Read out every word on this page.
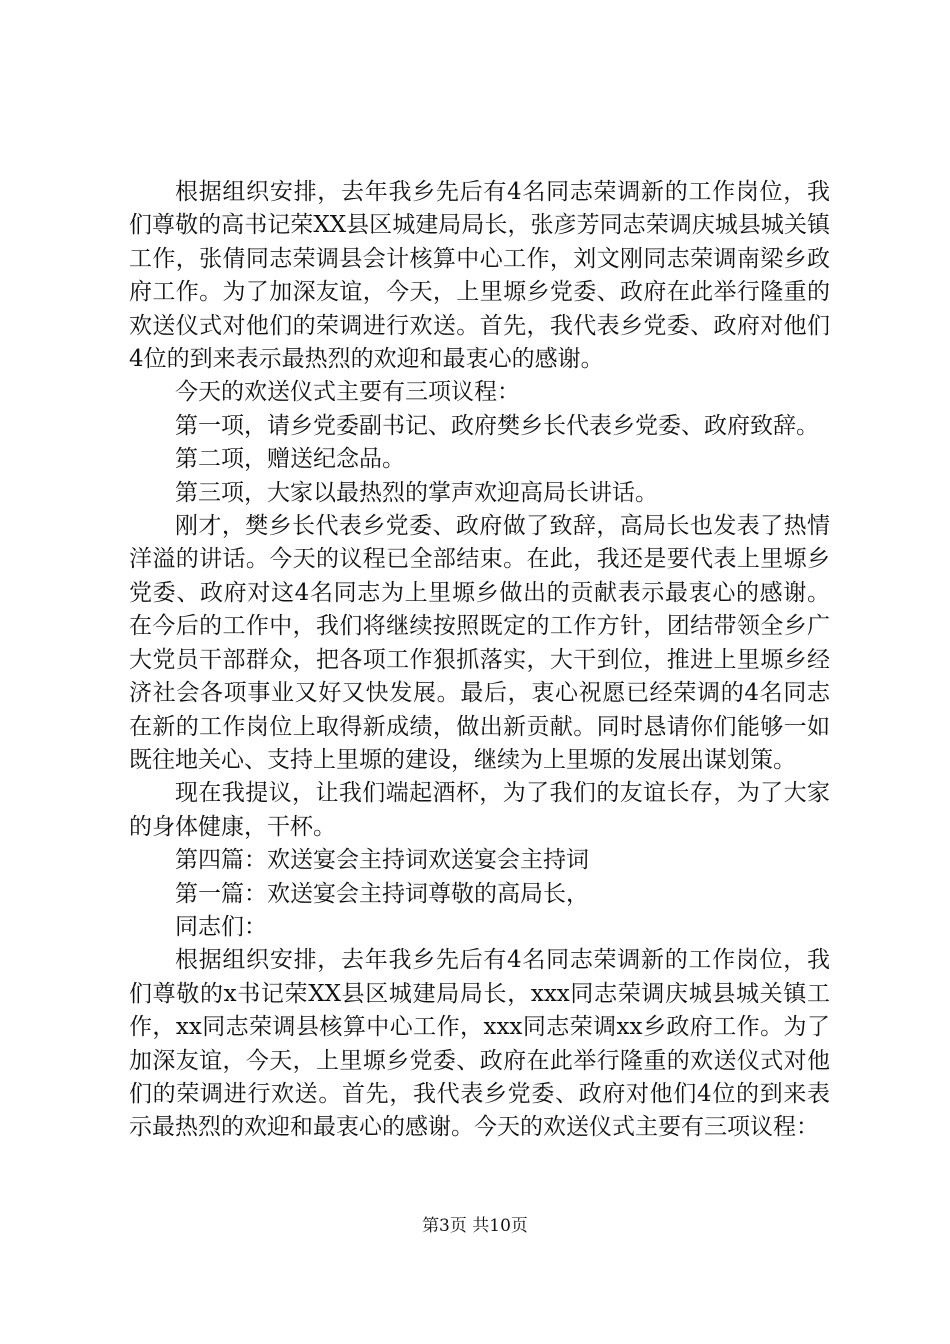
根据组织安排，去年我乡先后有4名同志荣调新的工作岗位，我们尊敬的高书记荣XX县区城建局局长，张彦芳同志荣调庆城县城关镇工作，张倩同志荣调县会计核算中心工作，刘文刚同志荣调南梁乡政府工作。为了加深友谊，今天，上里塬乡党委、政府在此举行隆重的欢送仪式对他们的荣调进行欢送。首先，我代表乡党委、政府对他们4位的到来表示最热烈的欢迎和最衷心的感谢。

今天的欢送仪式主要有三项议程：

第一项，请乡党委副书记、政府樊乡长代表乡党委、政府致辞。

第二项，赠送纪念品。

第三项，大家以最热烈的掌声欢迎高局长讲话。

刚才，樊乡长代表乡党委、政府做了致辞，高局长也发表了热情洋溢的讲话。今天的议程已全部结束。在此，我还是要代表上里塬乡党委、政府对这4名同志为上里塬乡做出的贡献表示最衷心的感谢。在今后的工作中，我们将继续按照既定的工作方针，团结带领全乡广大党员干部群众，把各项工作狠抓落实，大干到位，推进上里塬乡经济社会各项事业又好又快发展。最后，衷心祝愿已经荣调的4名同志在新的工作岗位上取得新成绩，做出新贡献。同时恳请你们能够一如既往地关心、支持上里塬的建设，继续为上里塬的发展出谋划策。

现在我提议，让我们端起酒杯，为了我们的友谊长存，为了大家的身体健康，干杯。

第四篇：欢送宴会主持词欢送宴会主持词

第一篇：欢送宴会主持词尊敬的高局长，

同志们：

根据组织安排，去年我乡先后有4名同志荣调新的工作岗位，我们尊敬的x书记荣XX县区城建局局长，xxx同志荣调庆城县城关镇工作，xx同志荣调县核算中心工作，xxx同志荣调xx乡政府工作。为了加深友谊，今天，上里塬乡党委、政府在此举行隆重的欢送仪式对他们的荣调进行欢送。首先，我代表乡党委、政府对他们4位的到来表示最热烈的欢迎和最衷心的感谢。今天的欢送仪式主要有三项议程：

第3页 共10页
